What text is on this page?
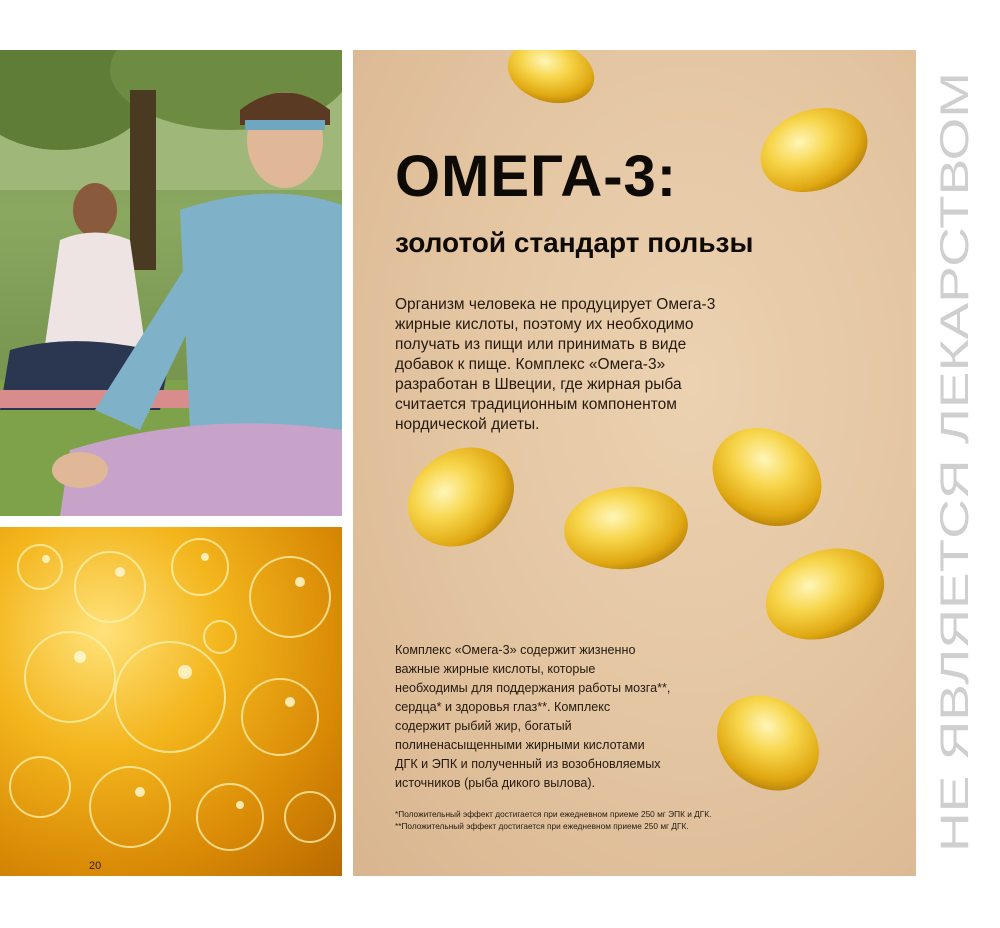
20
ОМЕГА-3:
золотой стандарт пользы
Организм человека не продуцирует Омега-3
жирные кислоты, поэтому их необходимо
получать из пищи или принимать в виде
добавок к пище. Комплекс «Омега-3»
разработан в Швеции, где жирная рыба
считается традиционным компонентом
нордической диеты.
Комплекс «Омега-3» содержит жизненно
важные жирные кислоты, которые
необходимы для поддержания работы мозга**,
сердца* и здоровья глаз**. Комплекс
содержит рыбий жир, богатый
полиненасыщенными жирными кислотами
ДГК и ЭПК и полученный из возобновляемых
источников (рыба дикого вылова).
*Положительный эффект достигается при ежедневном приеме 250 мг ЭПК и ДГК.
**Положительный эффект достигается при ежедневном приеме 250 мг ДГК.	НЕ ЯВЛЯЕТСЯ ЛЕКАРСТВОМ
